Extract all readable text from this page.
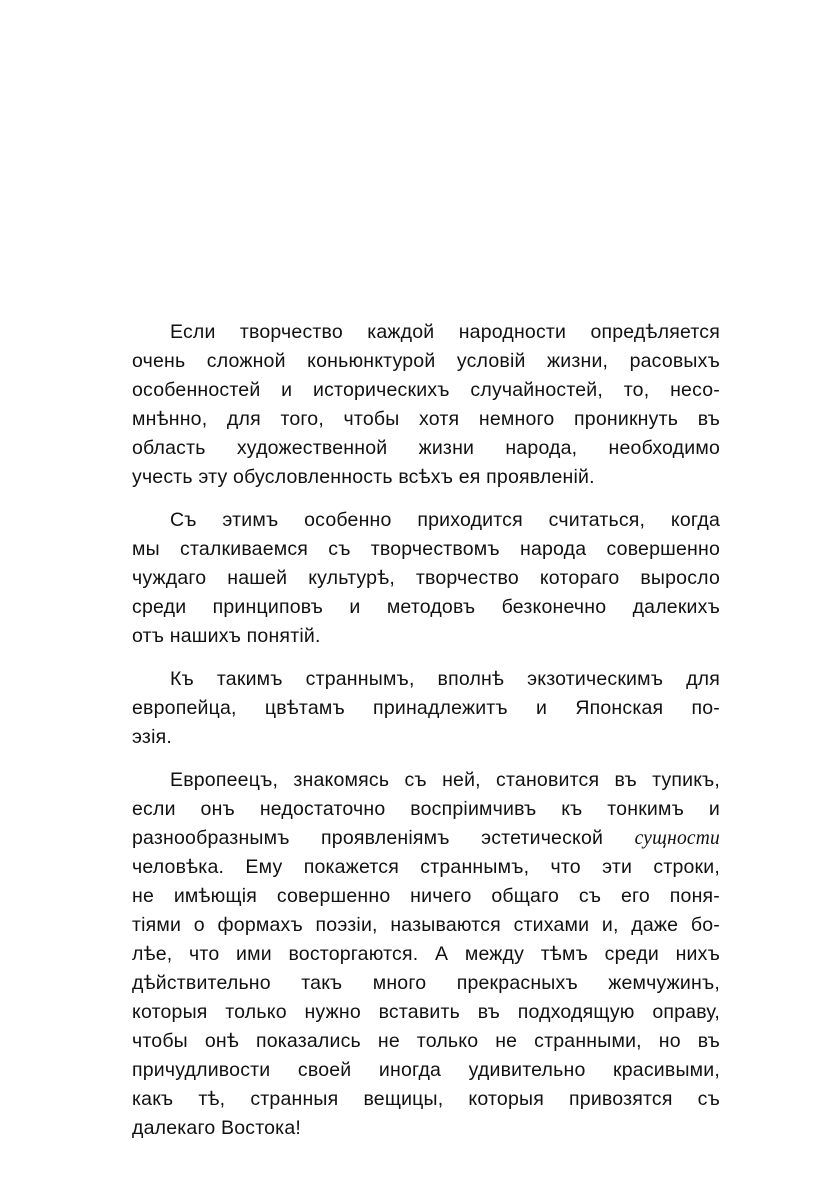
Если творчество каждой народности опредѣляется
очень сложной коньюнктурой условій жизни, расовыхъ
особенностей и историческихъ случайностей, то, несо-
мнѣнно, для того, чтобы хотя немного проникнуть въ
область художественной жизни народа, необходимо
учесть эту обусловленность всѣхъ ея проявленій.
Съ этимъ особенно приходится считаться, когда
мы сталкиваемся съ творчествомъ народа совершенно
чуждаго нашей культурѣ, творчество котораго выросло
среди принциповъ и методовъ безконечно далекихъ
отъ нашихъ понятій.
Къ такимъ страннымъ, вполнѣ экзотическимъ для
европейца, цвѣтамъ принадлежитъ и Японская по-
эзія.
Европеецъ, знакомясь съ ней, становится въ тупикъ,
если онъ недостаточно воспріимчивъ къ тонкимъ и
разнообразнымъ проявленіямъ эстетической сущности
человѣка. Ему покажется страннымъ, что эти строки,
не имѣющія совершенно ничего общаго съ его поня-
тіями о формахъ поэзіи, называются стихами и, даже бо-
лѣе, что ими восторгаются. А между тѣмъ среди нихъ
дѣйствительно такъ много прекрасныхъ жемчужинъ,
которыя только нужно вставить въ подходящую оправу,
чтобы онѣ показались не только не странными, но въ
причудливости своей иногда удивительно красивыми,
какъ тѣ, странныя вещицы, которыя привозятся съ
далекаго Востока!
